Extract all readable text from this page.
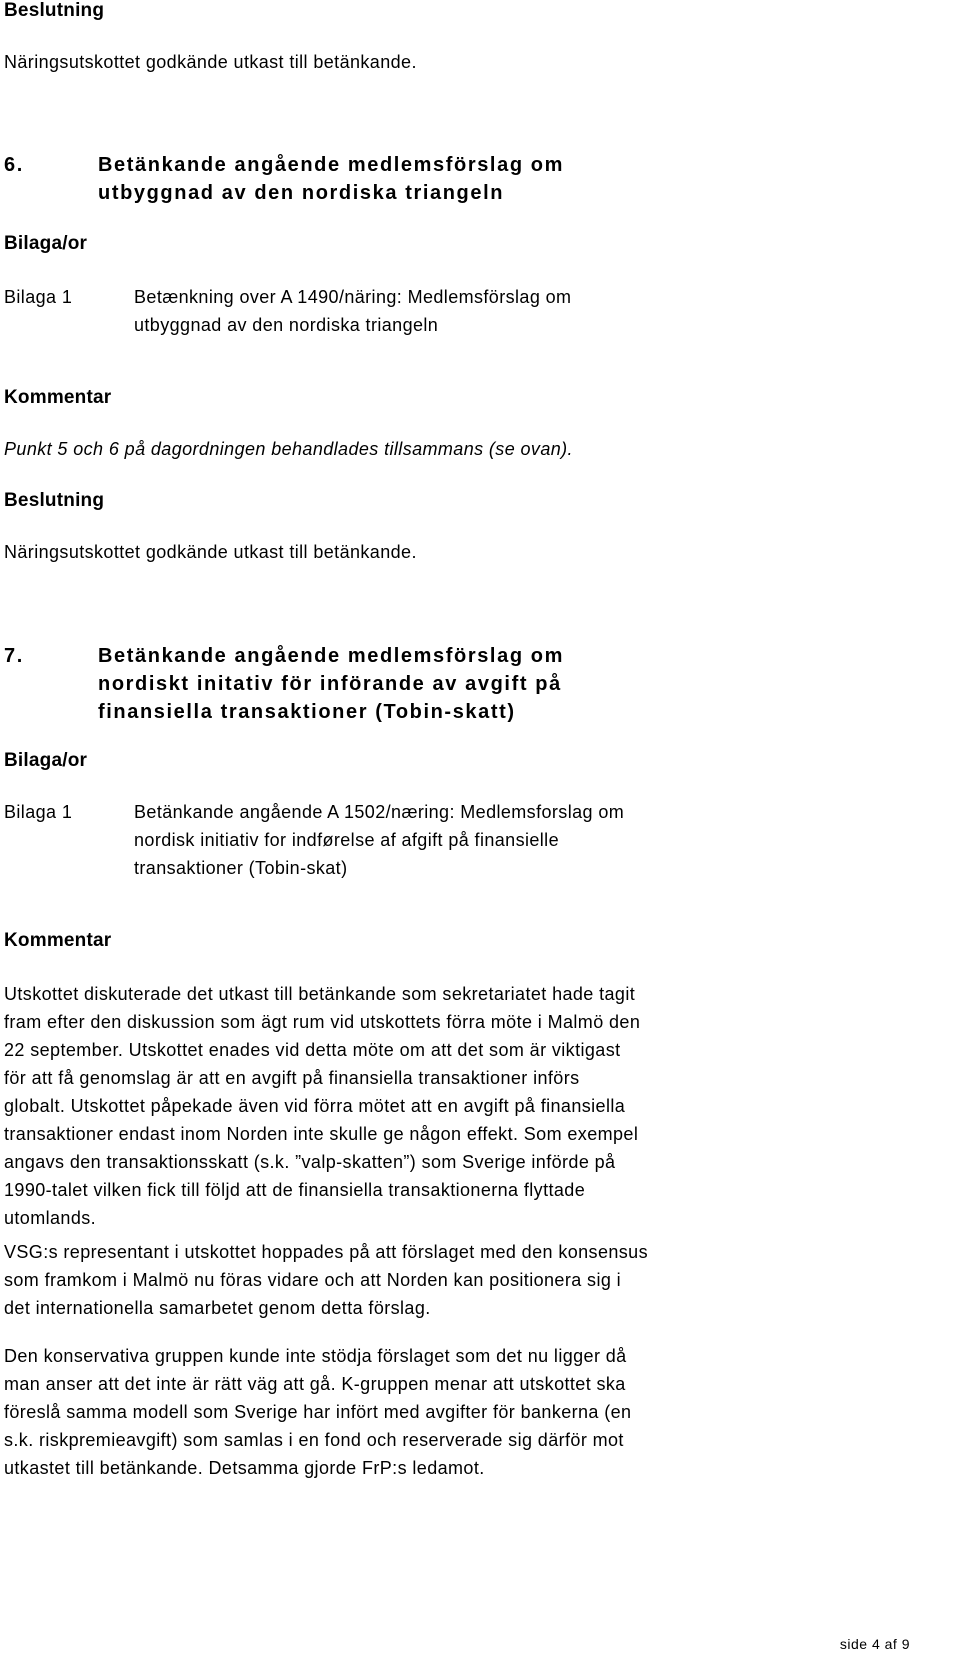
Beslutning
Näringsutskottet godkände utkast till betänkande.
6.	Betänkande angående medlemsförslag om
utbyggnad av den nordiska triangeln
Bilaga/or
Bilaga 1	Betænkning over A 1490/näring: Medlemsförslag om
utbyggnad av den nordiska triangeln
Kommentar
Punkt 5 och 6 på dagordningen behandlades tillsammans (se ovan).
Beslutning
Näringsutskottet godkände utkast till betänkande.
7.	Betänkande angående medlemsförslag om
nordiskt initativ för införande av avgift på
finansiella transaktioner (Tobin-skatt)
Bilaga/or
Bilaga 1	Betänkande angående A 1502/næring: Medlemsforslag om
nordisk initiativ for indførelse af afgift på finansielle
transaktioner (Tobin-skat)
Kommentar
Utskottet diskuterade det utkast till betänkande som sekretariatet hade tagit
fram efter den diskussion som ägt rum vid utskottets förra möte i Malmö den
22 september. Utskottet enades vid detta möte om att det som är viktigast
för att få genomslag är att en avgift på finansiella transaktioner införs
globalt. Utskottet påpekade även vid förra mötet att en avgift på finansiella
transaktioner endast inom Norden inte skulle ge någon effekt. Som exempel
angavs den transaktionsskatt (s.k. ”valp-skatten”) som Sverige införde på
1990-talet vilken fick till följd att de finansiella transaktionerna flyttade
utomlands.
VSG:s representant i utskottet hoppades på att förslaget med den konsensus
som framkom i Malmö nu föras vidare och att Norden kan positionera sig i
det internationella samarbetet genom detta förslag.
Den konservativa gruppen kunde inte stödja förslaget som det nu ligger då
man anser att det inte är rätt väg att gå. K-gruppen menar att utskottet ska
föreslå samma modell som Sverige har infört med avgifter för bankerna (en
s.k. riskpremieavgift) som samlas i en fond och reserverade sig därför mot
utkastet till betänkande. Detsamma gjorde FrP:s ledamot.
side 4 af 9
